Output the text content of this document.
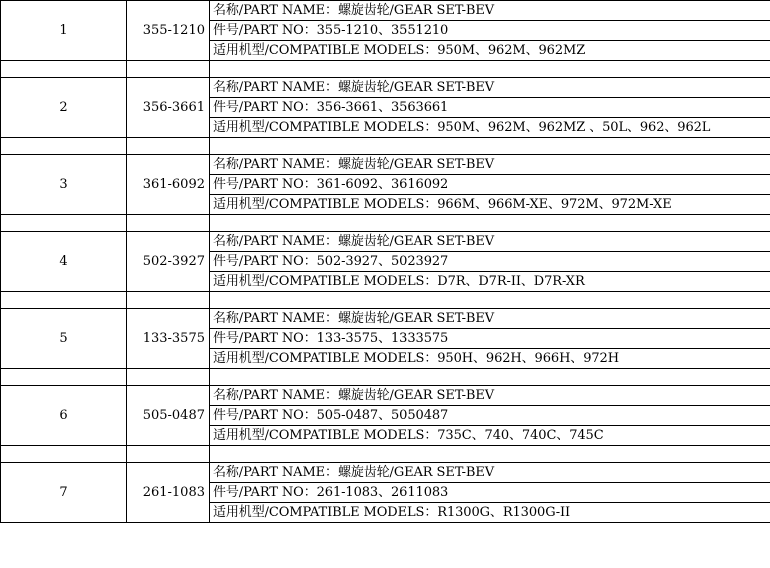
1	355-1210	名称/PART NAME：螺旋齿轮/GEAR SET-BEV
		件号/PART NO：355-1210、3551210
		适用机型/COMPATIBLE MODELS：950M、962M、962MZ

2	356-3661	名称/PART NAME：螺旋齿轮/GEAR SET-BEV
		件号/PART NO：356-3661、3563661
		适用机型/COMPATIBLE MODELS：950M、962M、962MZ 、50L、962、962L

3	361-6092	名称/PART NAME：螺旋齿轮/GEAR SET-BEV
		件号/PART NO：361-6092、3616092
		适用机型/COMPATIBLE MODELS：966M、966M-XE、972M、972M-XE

4	502-3927	名称/PART NAME：螺旋齿轮/GEAR SET-BEV
		件号/PART NO：502-3927、5023927
		适用机型/COMPATIBLE MODELS：D7R、D7R-II、D7R-XR

5	133-3575	名称/PART NAME：螺旋齿轮/GEAR SET-BEV
		件号/PART NO：133-3575、1333575
		适用机型/COMPATIBLE MODELS：950H、962H、966H、972H

6	505-0487	名称/PART NAME：螺旋齿轮/GEAR SET-BEV
		件号/PART NO：505-0487、5050487
		适用机型/COMPATIBLE MODELS：735C、740、740C、745C

7	261-1083	名称/PART NAME：螺旋齿轮/GEAR SET-BEV
		件号/PART NO：261-1083、2611083
		适用机型/COMPATIBLE MODELS：R1300G、R1300G-II
